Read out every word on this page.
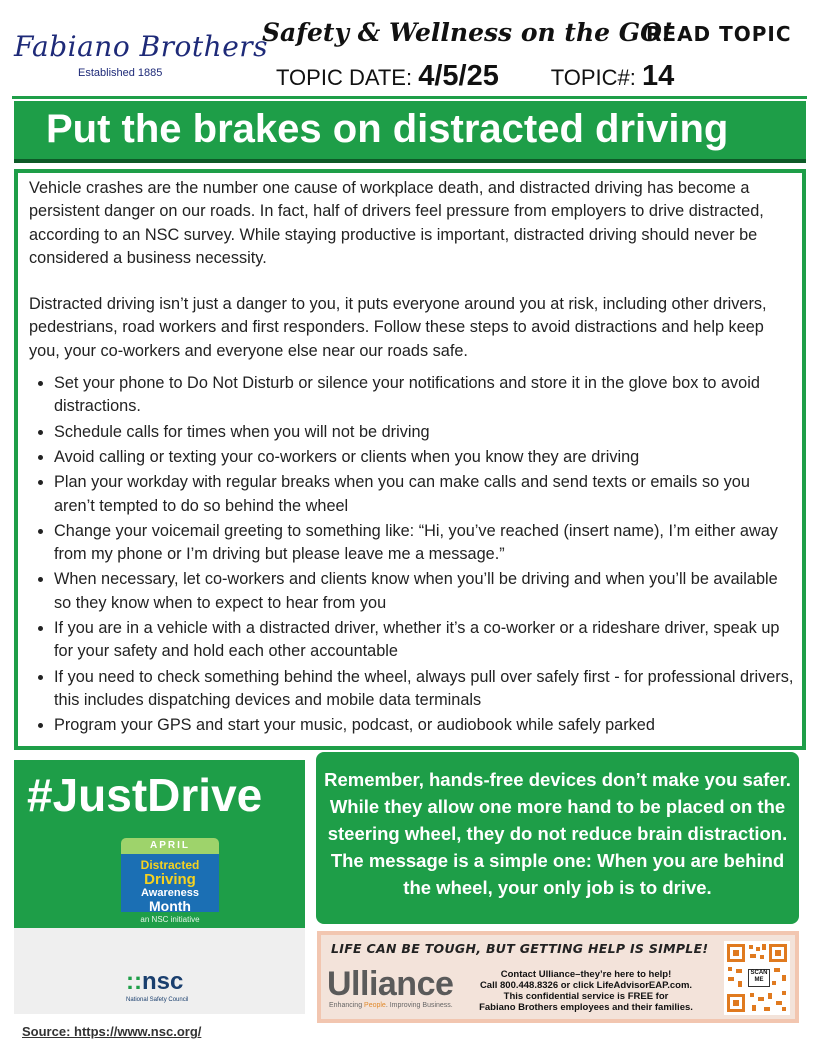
Fabiano Brothers
Established 1885
Safety & Wellness on the GO!
READ TOPIC
TOPIC DATE: 4/5/25 TOPIC#: 14
Put the brakes on distracted driving

Vehicle crashes are the number one cause of workplace death, and distracted driving has become a persistent danger on our roads. In fact, half of drivers feel pressure from employers to drive distracted, according to an NSC survey. While staying productive is important, distracted driving should never be considered a business necessity.

Distracted driving isn’t just a danger to you, it puts everyone around you at risk, including other drivers, pedestrians, road workers and first responders. Follow these steps to avoid distractions and help keep you, your co-workers and everyone else near our roads safe.

• Set your phone to Do Not Disturb or silence your notifications and store it in the glove box to avoid distractions.
• Schedule calls for times when you will not be driving
• Avoid calling or texting your co-workers or clients when you know they are driving
• Plan your workday with regular breaks when you can make calls and send texts or emails so you aren’t tempted to do so behind the wheel
• Change your voicemail greeting to something like: “Hi, you’ve reached (insert name), I’m either away from my phone or I’m driving but please leave me a message.”
• When necessary, let co-workers and clients know when you’ll be driving and when you’ll be available so they know when to expect to hear from you
• If you are in a vehicle with a distracted driver, whether it’s a co-worker or a rideshare driver, speak up for your safety and hold each other accountable
• If you need to check something behind the wheel, always pull over safely first - for professional drivers, this includes dispatching devices and mobile data terminals
• Program your GPS and start your music, podcast, or audiobook while safely parked
#JustDrive
APRIL
Distracted
Driving
Awareness
Month
an NSC initiative
::nsc
National Safety Council
Source: https://www.nsc.org/
Remember, hands-free devices don’t make you safer. While they allow one more hand to be placed on the steering wheel, they do not reduce brain distraction. The message is a simple one: When you are behind the wheel, your only job is to drive.
LIFE CAN BE TOUGH, BUT GETTING HELP IS SIMPLE!
Ulliance
Enhancing People. Improving Business.
Contact Ulliance–they’re here to help!
Call 800.448.8326 or click LifeAdvisorEAP.com.
This confidential service is FREE for
Fabiano Brothers employees and their families.
SCAN ME
